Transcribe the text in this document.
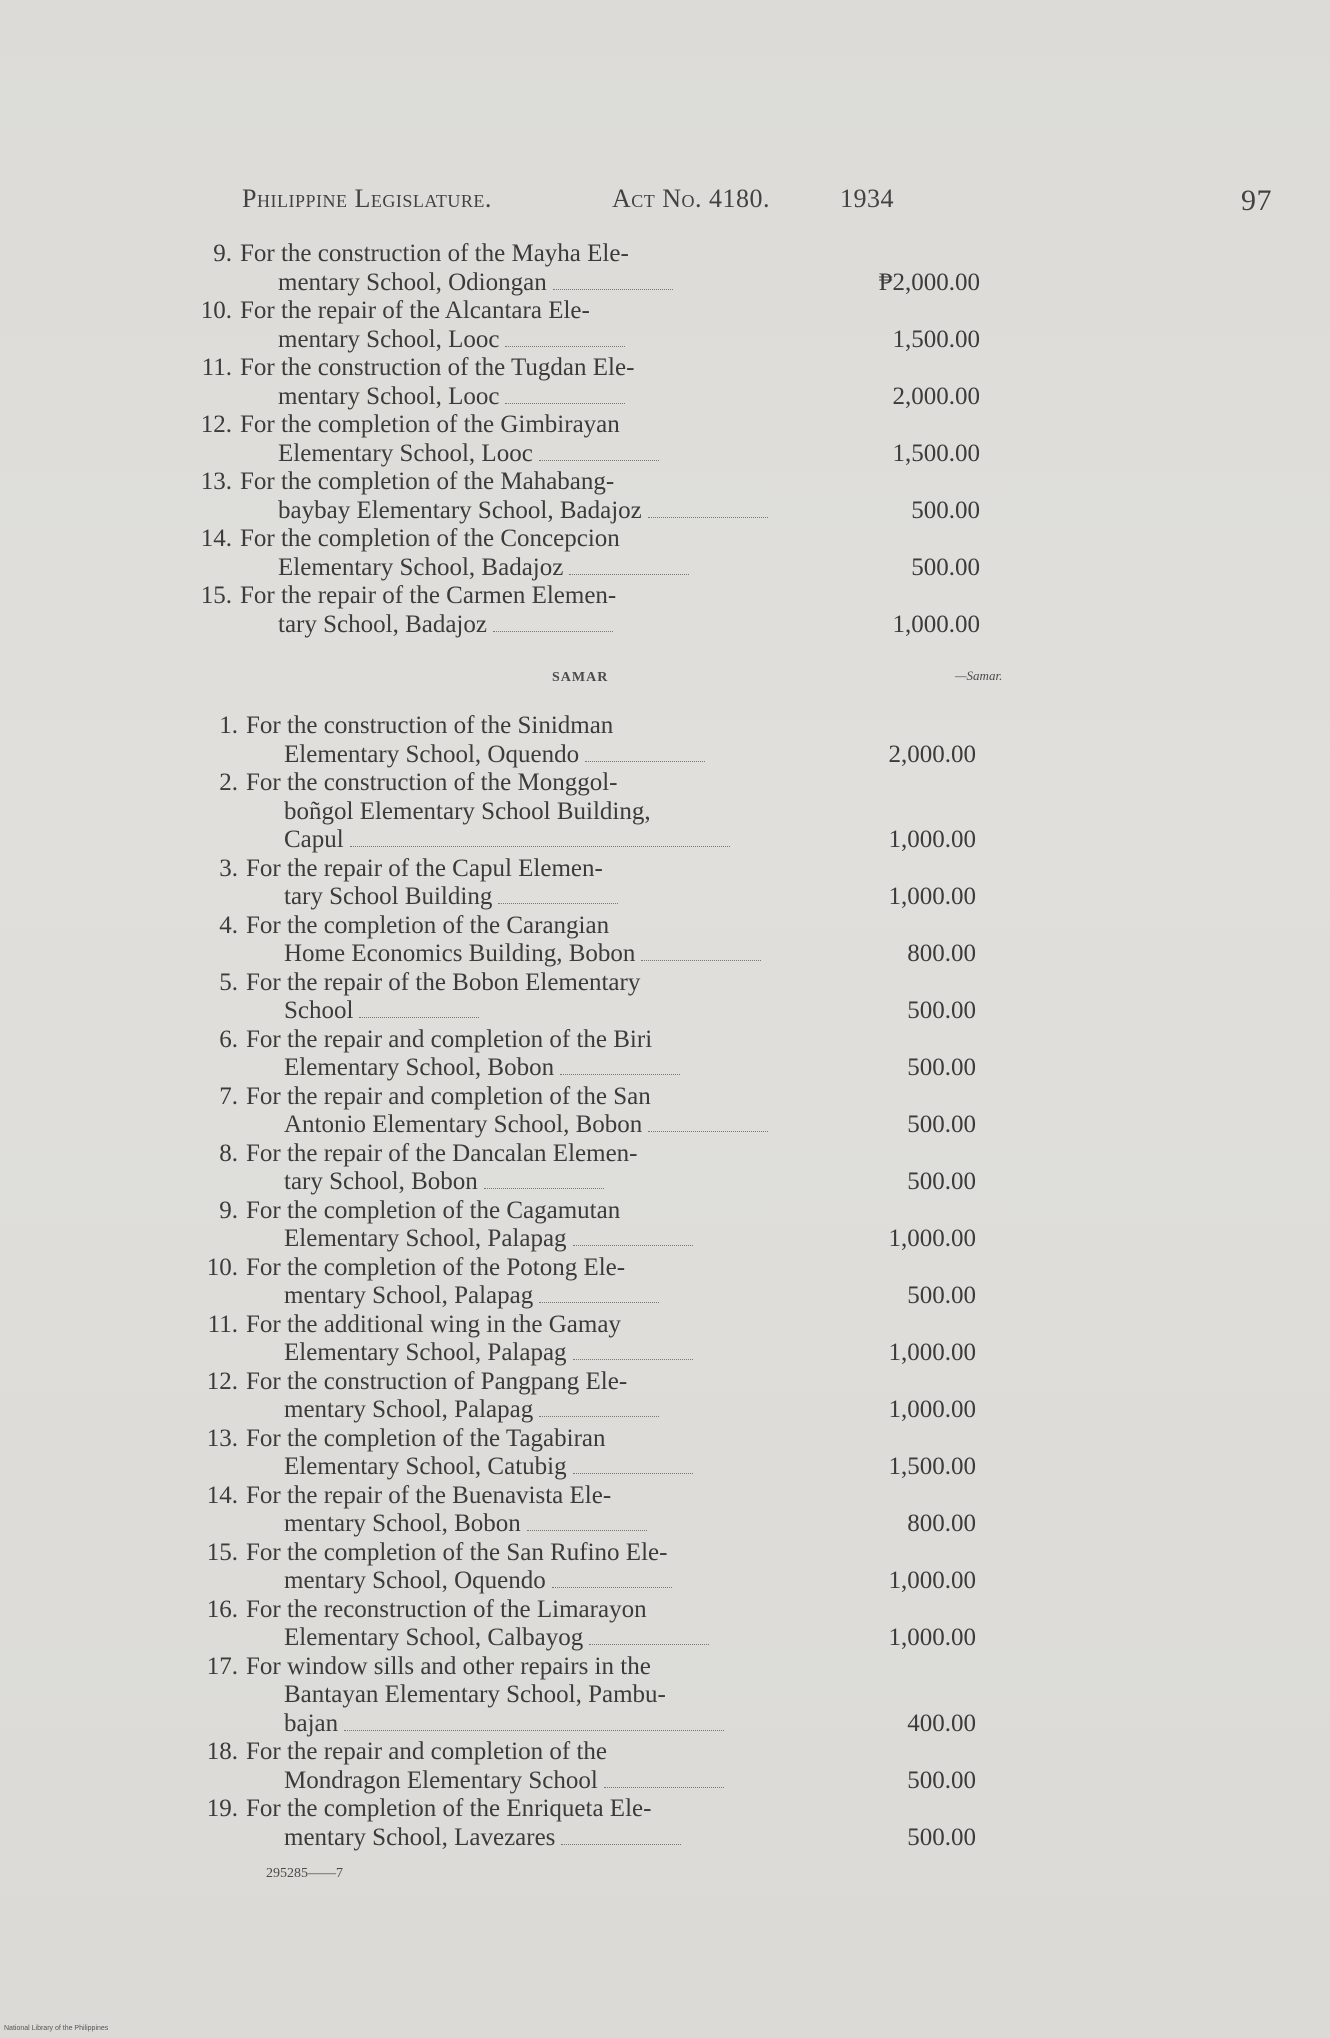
Philippine Legislature.	Act No. 4180.	1934	97
9. For the construction of the Mayha Ele-
mentary School, Odiongan	₱2,000.00
10. For the repair of the Alcantara Ele-
mentary School, Looc	1,500.00
11. For the construction of the Tugdan Ele-
mentary School, Looc	2,000.00
12. For the completion of the Gimbirayan
Elementary School, Looc	1,500.00
13. For the completion of the Mahabang-
baybay Elementary School, Badajoz	500.00
14. For the completion of the Concepcion
Elementary School, Badajoz	500.00
15. For the repair of the Carmen Elemen-
tary School, Badajoz	1,000.00
SAMAR	—Samar.
1. For the construction of the Sinidman
Elementary School, Oquendo	2,000.00
2. For the construction of the Monggol-
boñgol Elementary School Building,
Capul	1,000.00
3. For the repair of the Capul Elemen-
tary School Building	1,000.00
4. For the completion of the Carangian
Home Economics Building, Bobon	800.00
5. For the repair of the Bobon Elementary
School	500.00
6. For the repair and completion of the Biri
Elementary School, Bobon	500.00
7. For the repair and completion of the San
Antonio Elementary School, Bobon	500.00
8. For the repair of the Dancalan Elemen-
tary School, Bobon	500.00
9. For the completion of the Cagamutan
Elementary School, Palapag	1,000.00
10. For the completion of the Potong Ele-
mentary School, Palapag	500.00
11. For the additional wing in the Gamay
Elementary School, Palapag	1,000.00
12. For the construction of Pangpang Ele-
mentary School, Palapag	1,000.00
13. For the completion of the Tagabiran
Elementary School, Catubig	1,500.00
14. For the repair of the Buenavista Ele-
mentary School, Bobon	800.00
15. For the completion of the San Rufino Ele-
mentary School, Oquendo	1,000.00
16. For the reconstruction of the Limarayon
Elementary School, Calbayog	1,000.00
17. For window sills and other repairs in the
Bantayan Elementary School, Pambu-
bajan	400.00
18. For the repair and completion of the
Mondragon Elementary School	500.00
19. For the completion of the Enriqueta Ele-
mentary School, Lavezares	500.00
295285——7
National Library of the Philippines
